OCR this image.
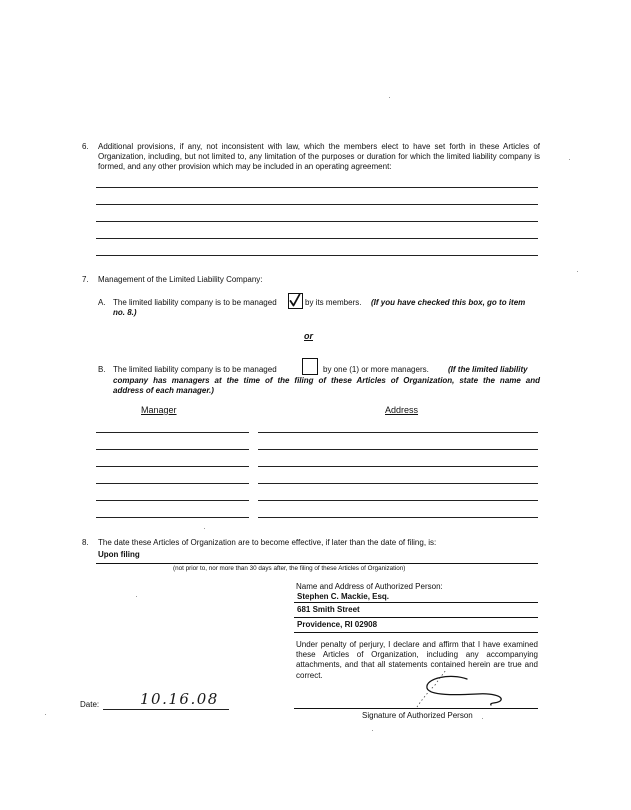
6. Additional provisions, if any, not inconsistent with law, which the members elect to have set forth in these Articles of Organization, including, but not limited to, any limitation of the purposes or duration for which the limited liability company is formed, and any other provision which may be included in an operating agreement:
7. Management of the Limited Liability Company:
A. The limited liability company is to be managed	by its members. (If you have checked this box, go to item
no. 8.)
or
B. The limited liability company is to be managed	by one (1) or more managers. (If the limited liability
company has managers at the time of the filing of these Articles of Organization, state the name and
address of each manager.)
Manager	Address
8. The date these Articles of Organization are to become effective, if later than the date of filing, is:
Upon filing
(not prior to, nor more than 30 days after, the filing of these Articles of Organization)
Name and Address of Authorized Person:
Stephen C. Mackie, Esq.
681 Smith Street
Providence, RI 02908
Under penalty of perjury, I declare and affirm that I have examined these Articles of Organization, including any accompanying attachments, and that all statements contained herein are true and correct.
Signature of Authorized Person
Date:	10.16.08
